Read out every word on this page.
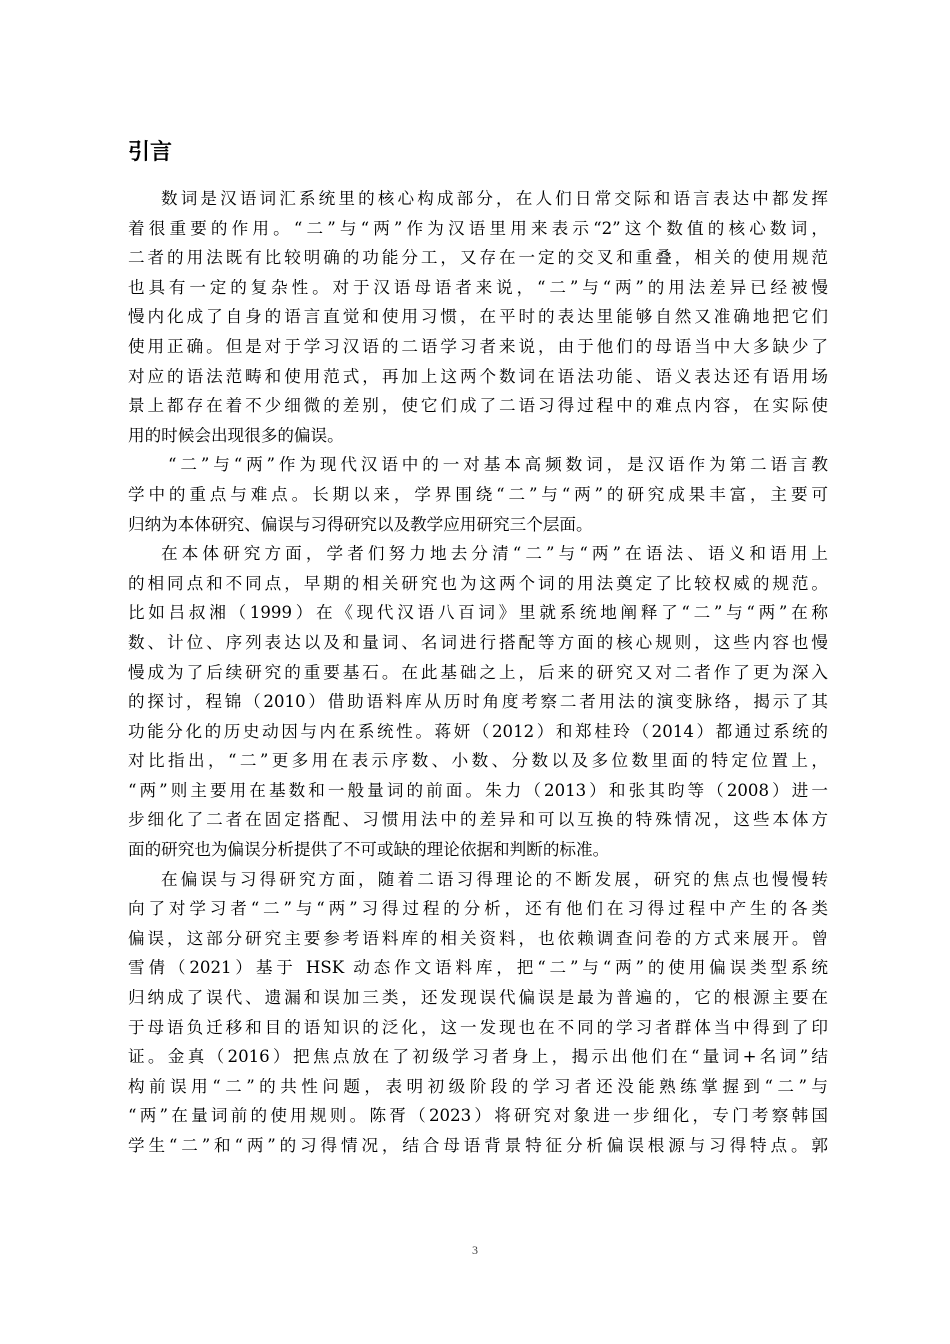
引言
数词是汉语词汇系统里的核心构成部分，在人们日常交际和语言表达中都发挥
着很重要的作用。“二”与“两”作为汉语里用来表示“2”这个数值的核心数词，
二者的用法既有比较明确的功能分工，又存在一定的交叉和重叠，相关的使用规范
也具有一定的复杂性。对于汉语母语者来说，“二”与“两”的用法差异已经被慢
慢内化成了自身的语言直觉和使用习惯，在平时的表达里能够自然又准确地把它们
使用正确。但是对于学习汉语的二语学习者来说，由于他们的母语当中大多缺少了
对应的语法范畴和使用范式，再加上这两个数词在语法功能、语义表达还有语用场
景上都存在着不少细微的差别，使它们成了二语习得过程中的难点内容，在实际使
用的时候会出现很多的偏误。
“二”与“两”作为现代汉语中的一对基本高频数词，是汉语作为第二语言教
学中的重点与难点。长期以来，学界围绕“二”与“两”的研究成果丰富，主要可
归纳为本体研究、偏误与习得研究以及教学应用研究三个层面。
在本体研究方面，学者们努力地去分清“二”与“两”在语法、语义和语用上
的相同点和不同点，早期的相关研究也为这两个词的用法奠定了比较权威的规范。
比如吕叔湘（1999）在《现代汉语八百词》里就系统地阐释了“二”与“两”在称
数、计位、序列表达以及和量词、名词进行搭配等方面的核心规则，这些内容也慢
慢成为了后续研究的重要基石。在此基础之上，后来的研究又对二者作了更为深入
的探讨，程锦（2010）借助语料库从历时角度考察二者用法的演变脉络，揭示了其
功能分化的历史动因与内在系统性。蒋妍（2012）和郑桂玲（2014）都通过系统的
对比指出，“二”更多用在表示序数、小数、分数以及多位数里面的特定位置上，
“两”则主要用在基数和一般量词的前面。朱力（2013）和张其昀等（2008）进一
步细化了二者在固定搭配、习惯用法中的差异和可以互换的特殊情况，这些本体方
面的研究也为偏误分析提供了不可或缺的理论依据和判断的标准。
在偏误与习得研究方面，随着二语习得理论的不断发展，研究的焦点也慢慢转
向了对学习者“二”与“两”习得过程的分析，还有他们在习得过程中产生的各类
偏误，这部分研究主要参考语料库的相关资料，也依赖调查问卷的方式来展开。曾
雪倩（2021）基于 HSK 动态作文语料库，把“二”与“两”的使用偏误类型系统
归纳成了误代、遗漏和误加三类，还发现误代偏误是最为普遍的，它的根源主要在
于母语负迁移和目的语知识的泛化，这一发现也在不同的学习者群体当中得到了印
证。金真（2016）把焦点放在了初级学习者身上，揭示出他们在“量词+名词”结
构前误用“二”的共性问题，表明初级阶段的学习者还没能熟练掌握到“二”与
“两”在量词前的使用规则。陈胥（2023）将研究对象进一步细化，专门考察韩国
学生“二”和“两”的习得情况，结合母语背景特征分析偏误根源与习得特点。郭
3
